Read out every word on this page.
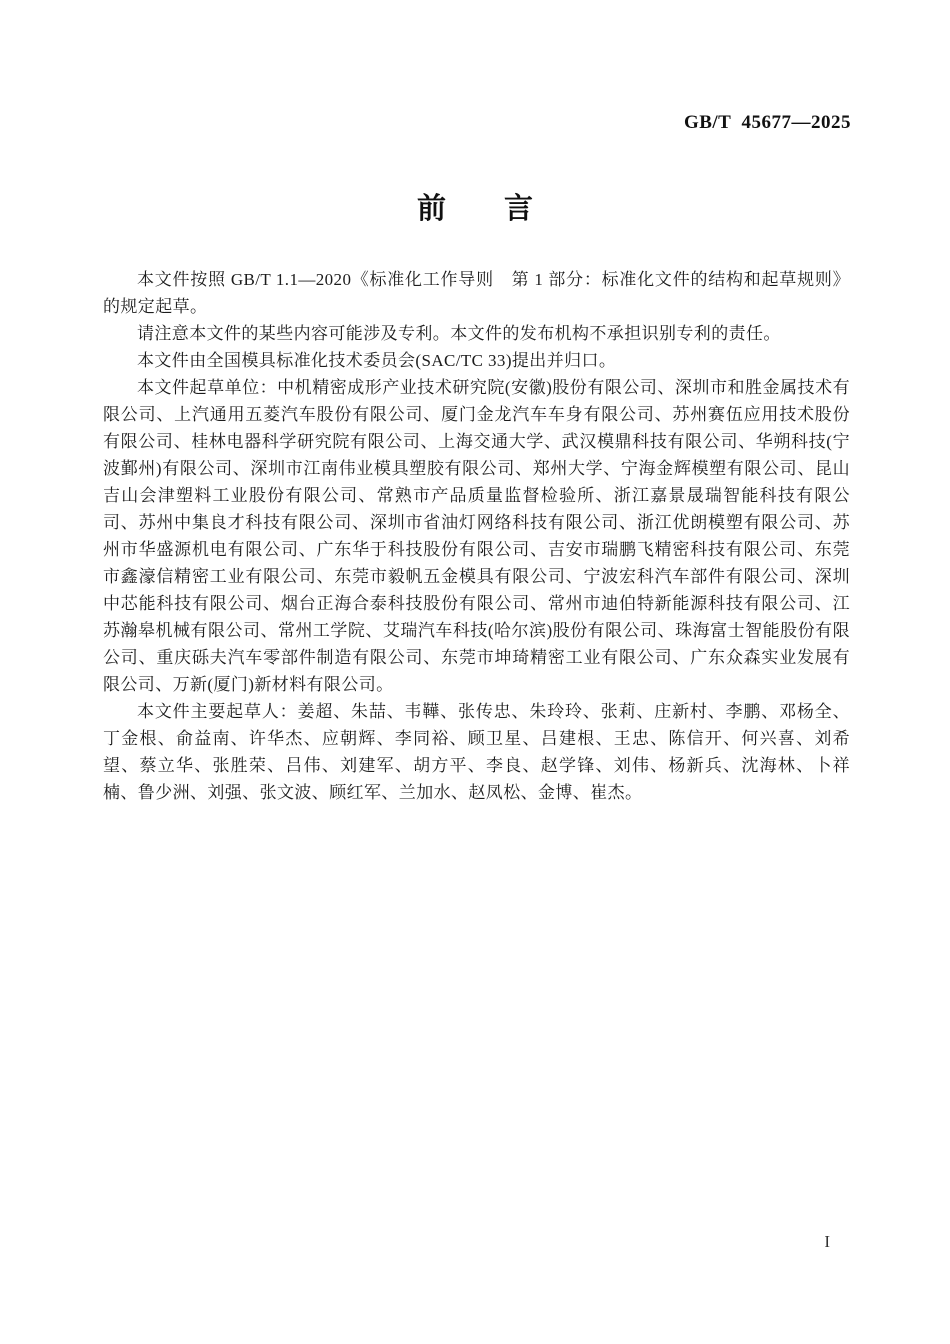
GB/T  45677—2025
前　　言

本文件按照 GB/T 1.1—2020《标准化工作导则　第 1 部分：标准化文件的结构和起草规则》的规定起草。

请注意本文件的某些内容可能涉及专利。本文件的发布机构不承担识别专利的责任。

本文件由全国模具标准化技术委员会(SAC/TC 33)提出并归口。

本文件起草单位：中机精密成形产业技术研究院(安徽)股份有限公司、深圳市和胜金属技术有限公司、上汽通用五菱汽车股份有限公司、厦门金龙汽车车身有限公司、苏州赛伍应用技术股份有限公司、桂林电器科学研究院有限公司、上海交通大学、武汉模鼎科技有限公司、华朔科技(宁波鄞州)有限公司、深圳市江南伟业模具塑胶有限公司、郑州大学、宁海金辉模塑有限公司、昆山吉山会津塑料工业股份有限公司、常熟市产品质量监督检验所、浙江嘉景晟瑞智能科技有限公司、苏州中集良才科技有限公司、深圳市省油灯网络科技有限公司、浙江优朗模塑有限公司、苏州市华盛源机电有限公司、广东华于科技股份有限公司、吉安市瑞鹏飞精密科技有限公司、东莞市鑫濠信精密工业有限公司、东莞市毅帆五金模具有限公司、宁波宏科汽车部件有限公司、深圳中芯能科技有限公司、烟台正海合泰科技股份有限公司、常州市迪伯特新能源科技有限公司、江苏瀚皋机械有限公司、常州工学院、艾瑞汽车科技(哈尔滨)股份有限公司、珠海富士智能股份有限公司、重庆砾夫汽车零部件制造有限公司、东莞市坤琦精密工业有限公司、广东众森实业发展有限公司、万新(厦门)新材料有限公司。

本文件主要起草人：姜超、朱喆、韦鞾、张传忠、朱玲玲、张莉、庄新村、李鹏、邓杨全、丁金根、俞益南、许华杰、应朝辉、李同裕、顾卫星、吕建根、王忠、陈信开、何兴喜、刘希望、蔡立华、张胜荣、吕伟、刘建军、胡方平、李良、赵学锋、刘伟、杨新兵、沈海林、卜祥楠、鲁少洲、刘强、张文波、顾红军、兰加水、赵凤松、金博、崔杰。

I
